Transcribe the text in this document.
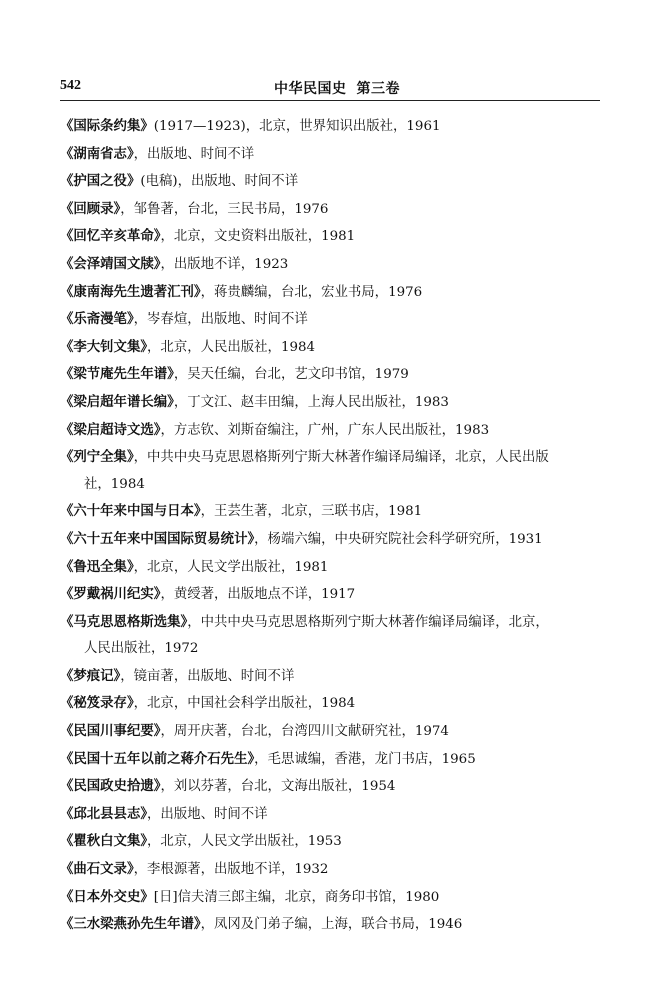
542	中华民国史 第三卷
《国际条约集》(1917—1923)，北京，世界知识出版社，1961
《湖南省志》，出版地、时间不详
《护国之役》(电稿)，出版地、时间不详
《回顾录》，邹鲁著，台北，三民书局，1976
《回忆辛亥革命》，北京，文史资料出版社，1981
《会泽靖国文牍》，出版地不详，1923
《康南海先生遗著汇刊》，蒋贵麟编，台北，宏业书局，1976
《乐斋漫笔》，岑春煊，出版地、时间不详
《李大钊文集》，北京，人民出版社，1984
《梁节庵先生年谱》，吴天任编，台北，艺文印书馆，1979
《梁启超年谱长编》，丁文江、赵丰田编，上海人民出版社，1983
《梁启超诗文选》，方志钦、刘斯奋编注，广州，广东人民出版社，1983
《列宁全集》，中共中央马克思恩格斯列宁斯大林著作编译局编译，北京，人民出版
社，1984
《六十年来中国与日本》，王芸生著，北京，三联书店，1981
《六十五年来中国国际贸易统计》，杨端六编，中央研究院社会科学研究所，1931
《鲁迅全集》，北京，人民文学出版社，1981
《罗戴祸川纪实》，黄绶著，出版地点不详，1917
《马克思恩格斯选集》，中共中央马克思恩格斯列宁斯大林著作编译局编译，北京，
人民出版社，1972
《梦痕记》，镜亩著，出版地、时间不详
《秘笈录存》，北京，中国社会科学出版社，1984
《民国川事纪要》，周开庆著，台北，台湾四川文献研究社，1974
《民国十五年以前之蒋介石先生》，毛思诚编，香港，龙门书店，1965
《民国政史拾遗》，刘以芬著，台北，文海出版社，1954
《邱北县县志》，出版地、时间不详
《瞿秋白文集》，北京，人民文学出版社，1953
《曲石文录》，李根源著，出版地不详，1932
《日本外交史》[日]信夫清三郎主编，北京，商务印书馆，1980
《三水梁燕孙先生年谱》，凤冈及门弟子编，上海，联合书局，1946
